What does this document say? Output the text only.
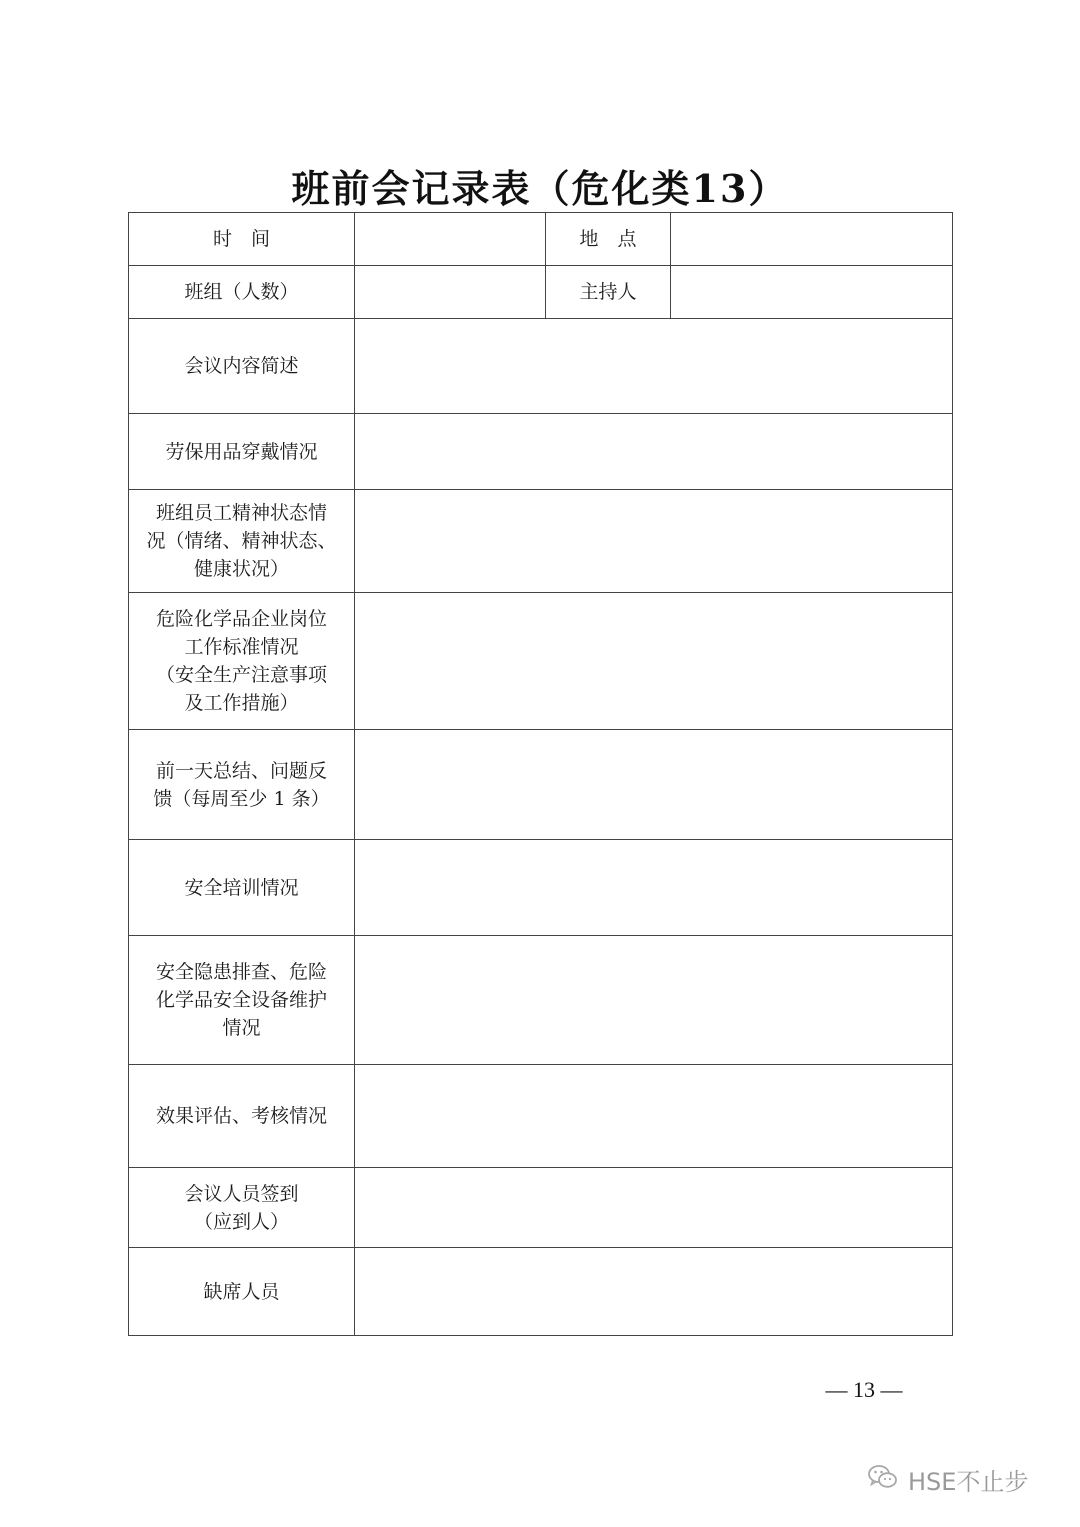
班前会记录表（危化类13）
时　间		地　点	
班组（人数）		主持人	

会议内容简述			

劳保用品穿戴情况			

班组员工精神状态情
况（情绪、精神状态、
健康状况）			

危险化学品企业岗位
工作标准情况
（安全生产注意事项
及工作措施）			

前一天总结、问题反
馈（每周至少 1 条）			

安全培训情况			

安全隐患排查、危险
化学品安全设备维护
情况			

效果评估、考核情况			

会议人员签到
（应到人）			

缺席人员			

— 13 —
HSE不止步
